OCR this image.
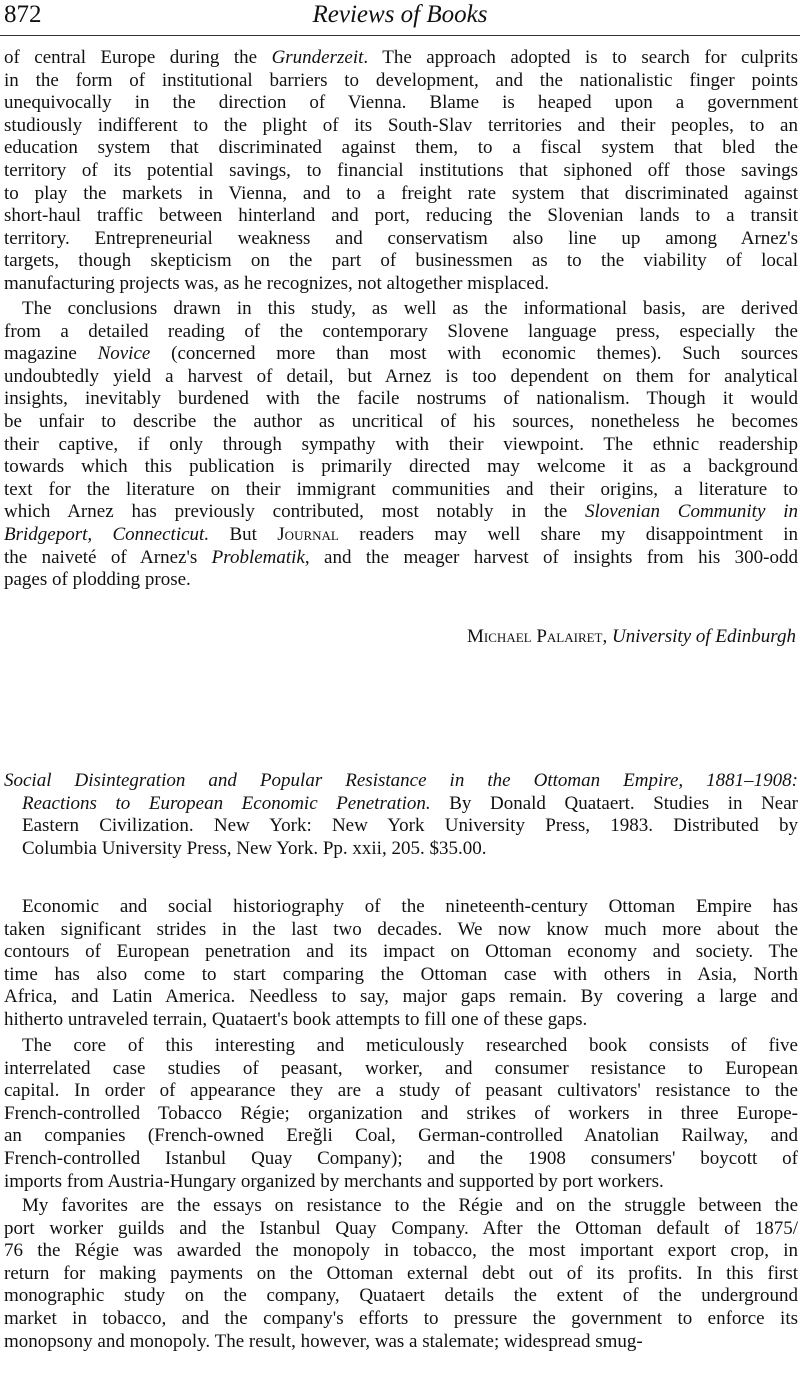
872	Reviews of Books
of central Europe during the Grunderzeit. The approach adopted is to search for culprits
in the form of institutional barriers to development, and the nationalistic finger points
unequivocally in the direction of Vienna. Blame is heaped upon a government
studiously indifferent to the plight of its South-Slav territories and their peoples, to an
education system that discriminated against them, to a fiscal system that bled the
territory of its potential savings, to financial institutions that siphoned off those savings
to play the markets in Vienna, and to a freight rate system that discriminated against
short-haul traffic between hinterland and port, reducing the Slovenian lands to a transit
territory. Entrepreneurial weakness and conservatism also line up among Arnez's
targets, though skepticism on the part of businessmen as to the viability of local
manufacturing projects was, as he recognizes, not altogether misplaced.
The conclusions drawn in this study, as well as the informational basis, are derived
from a detailed reading of the contemporary Slovene language press, especially the
magazine Novice (concerned more than most with economic themes). Such sources
undoubtedly yield a harvest of detail, but Arnez is too dependent on them for analytical
insights, inevitably burdened with the facile nostrums of nationalism. Though it would
be unfair to describe the author as uncritical of his sources, nonetheless he becomes
their captive, if only through sympathy with their viewpoint. The ethnic readership
towards which this publication is primarily directed may welcome it as a background
text for the literature on their immigrant communities and their origins, a literature to
which Arnez has previously contributed, most notably in the Slovenian Community in
Bridgeport, Connecticut. But Journal readers may well share my disappointment in
the naiveté of Arnez's Problematik, and the meager harvest of insights from his 300-odd
pages of plodding prose.
Michael Palairet, University of Edinburgh
Social Disintegration and Popular Resistance in the Ottoman Empire, 1881–1908:
Reactions to European Economic Penetration. By Donald Quataert. Studies in Near
Eastern Civilization. New York: New York University Press, 1983. Distributed by
Columbia University Press, New York. Pp. xxii, 205. $35.00.
Economic and social historiography of the nineteenth-century Ottoman Empire has
taken significant strides in the last two decades. We now know much more about the
contours of European penetration and its impact on Ottoman economy and society. The
time has also come to start comparing the Ottoman case with others in Asia, North
Africa, and Latin America. Needless to say, major gaps remain. By covering a large and
hitherto untraveled terrain, Quataert's book attempts to fill one of these gaps.
The core of this interesting and meticulously researched book consists of five
interrelated case studies of peasant, worker, and consumer resistance to European
capital. In order of appearance they are a study of peasant cultivators' resistance to the
French-controlled Tobacco Régie; organization and strikes of workers in three Europe-
an companies (French-owned Ereğli Coal, German-controlled Anatolian Railway, and
French-controlled Istanbul Quay Company); and the 1908 consumers' boycott of
imports from Austria-Hungary organized by merchants and supported by port workers.
My favorites are the essays on resistance to the Régie and on the struggle between the
port worker guilds and the Istanbul Quay Company. After the Ottoman default of 1875/
76 the Régie was awarded the monopoly in tobacco, the most important export crop, in
return for making payments on the Ottoman external debt out of its profits. In this first
monographic study on the company, Quataert details the extent of the underground
market in tobacco, and the company's efforts to pressure the government to enforce its
monopsony and monopoly. The result, however, was a stalemate; widespread smug-
